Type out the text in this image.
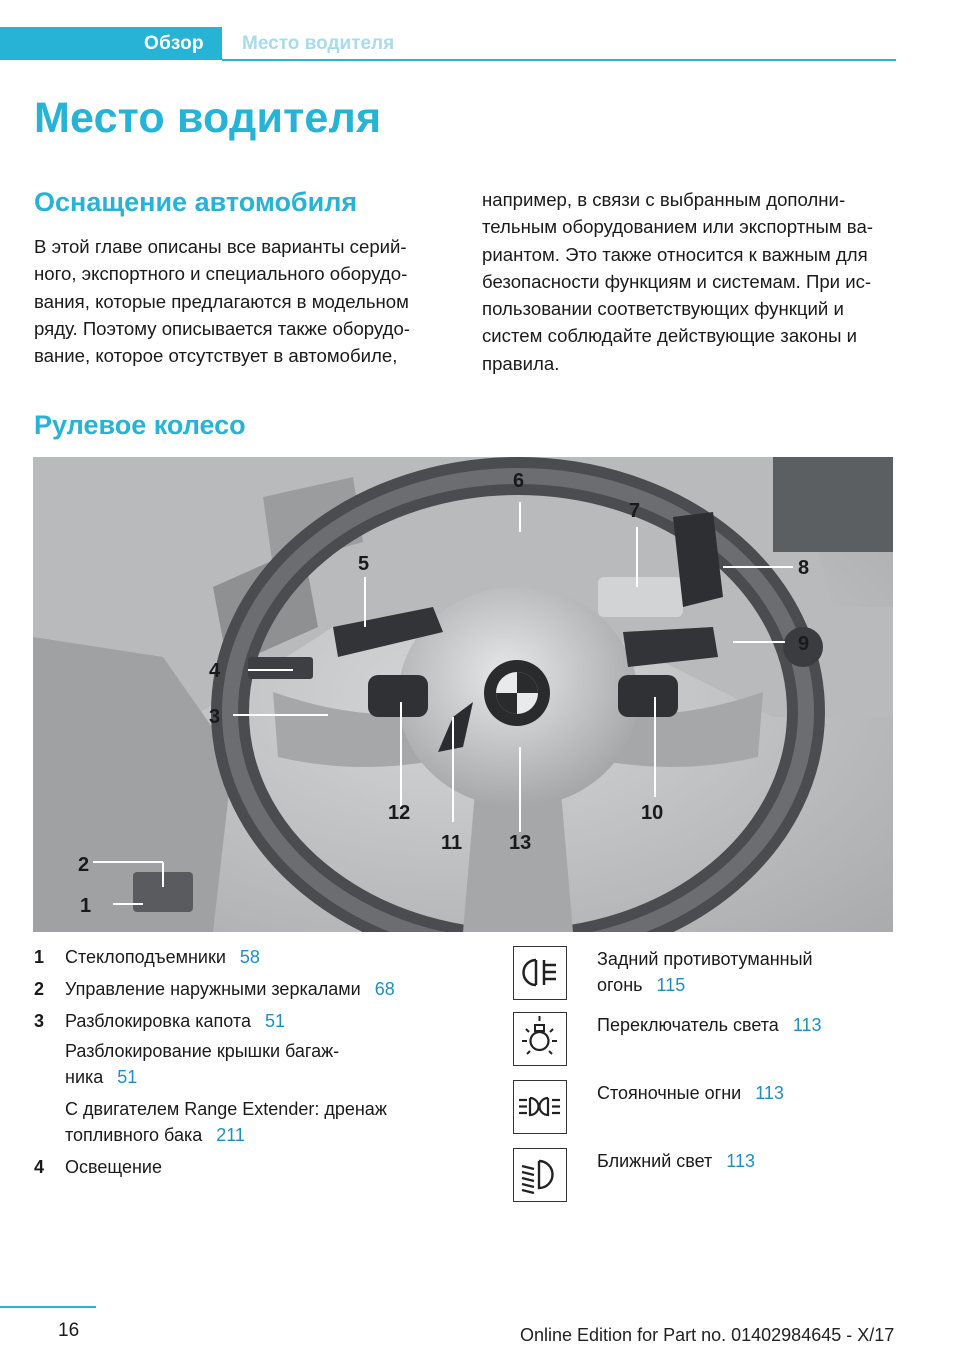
Обзор	Место водителя
Место водителя
Оснащение автомобиля
В этой главе описаны все варианты серий-
ного, экспортного и специального оборудо-
вания, которые предлагаются в модельном
ряду. Поэтому описывается также оборудо-
вание, которое отсутствует в автомобиле,
например, в связи с выбранным дополни-
тельным оборудованием или экспортным ва-
риантом. Это также относится к важным для
безопасности функциям и системам. При ис-
пользовании соответствующих функций и
систем соблюдайте действующие законы и
правила.
Рулевое колесо
1
2
3
4
5
6
7
8
9
10
11
12
13
1 Стеклоподъемники 58
2 Управление наружными зеркалами 68
3 Разблокировка капота 51
Разблокирование крышки багаж-
ника 51
С двигателем Range Extender: дренаж
топливного бака 211
4 Освещение
Задний противотуманный
огонь 115
Переключатель света 113
Стояночные огни 113
Ближний свет 113
16	Online Edition for Part no. 01402984645 - X/17
